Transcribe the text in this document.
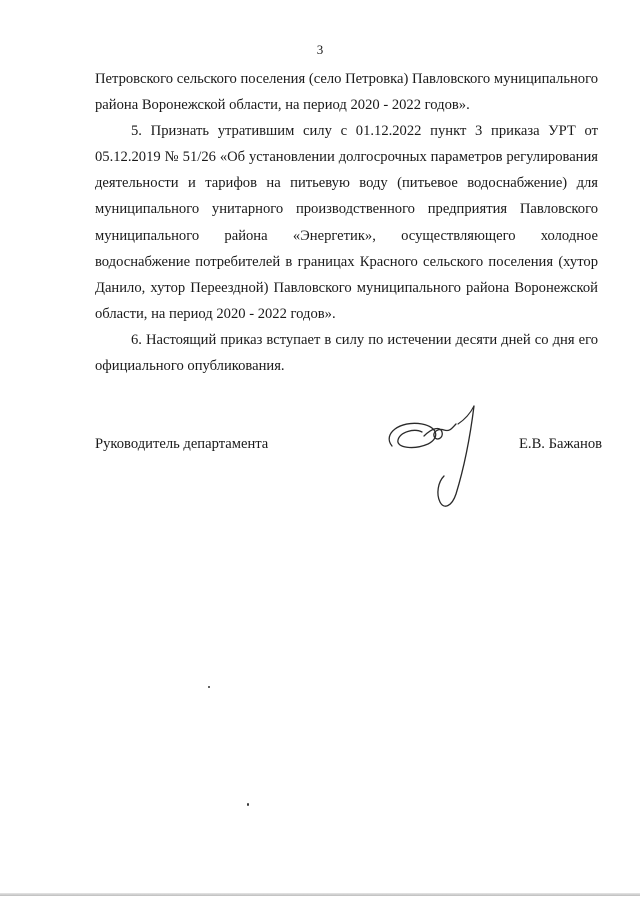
3

Петровского сельского поселения (село Петровка) Павловского муниципального района Воронежской области, на период 2020 - 2022 годов».

5. Признать утратившим силу с 01.12.2022 пункт 3 приказа УРТ от 05.12.2019 № 51/26 «Об установлении долгосрочных параметров регулирования деятельности и тарифов на питьевую воду (питьевое водоснабжение) для муниципального унитарного производственного предприятия Павловского муниципального района «Энергетик», осуществляющего холодное водоснабжение потребителей в границах Красного сельского поселения (хутор Данило, хутор Переездной) Павловского муниципального района Воронежской области, на период 2020 - 2022 годов».

6. Настоящий приказ вступает в силу по истечении десяти дней со дня его официального опубликования.

Руководитель департамента	Е.В. Бажанов
